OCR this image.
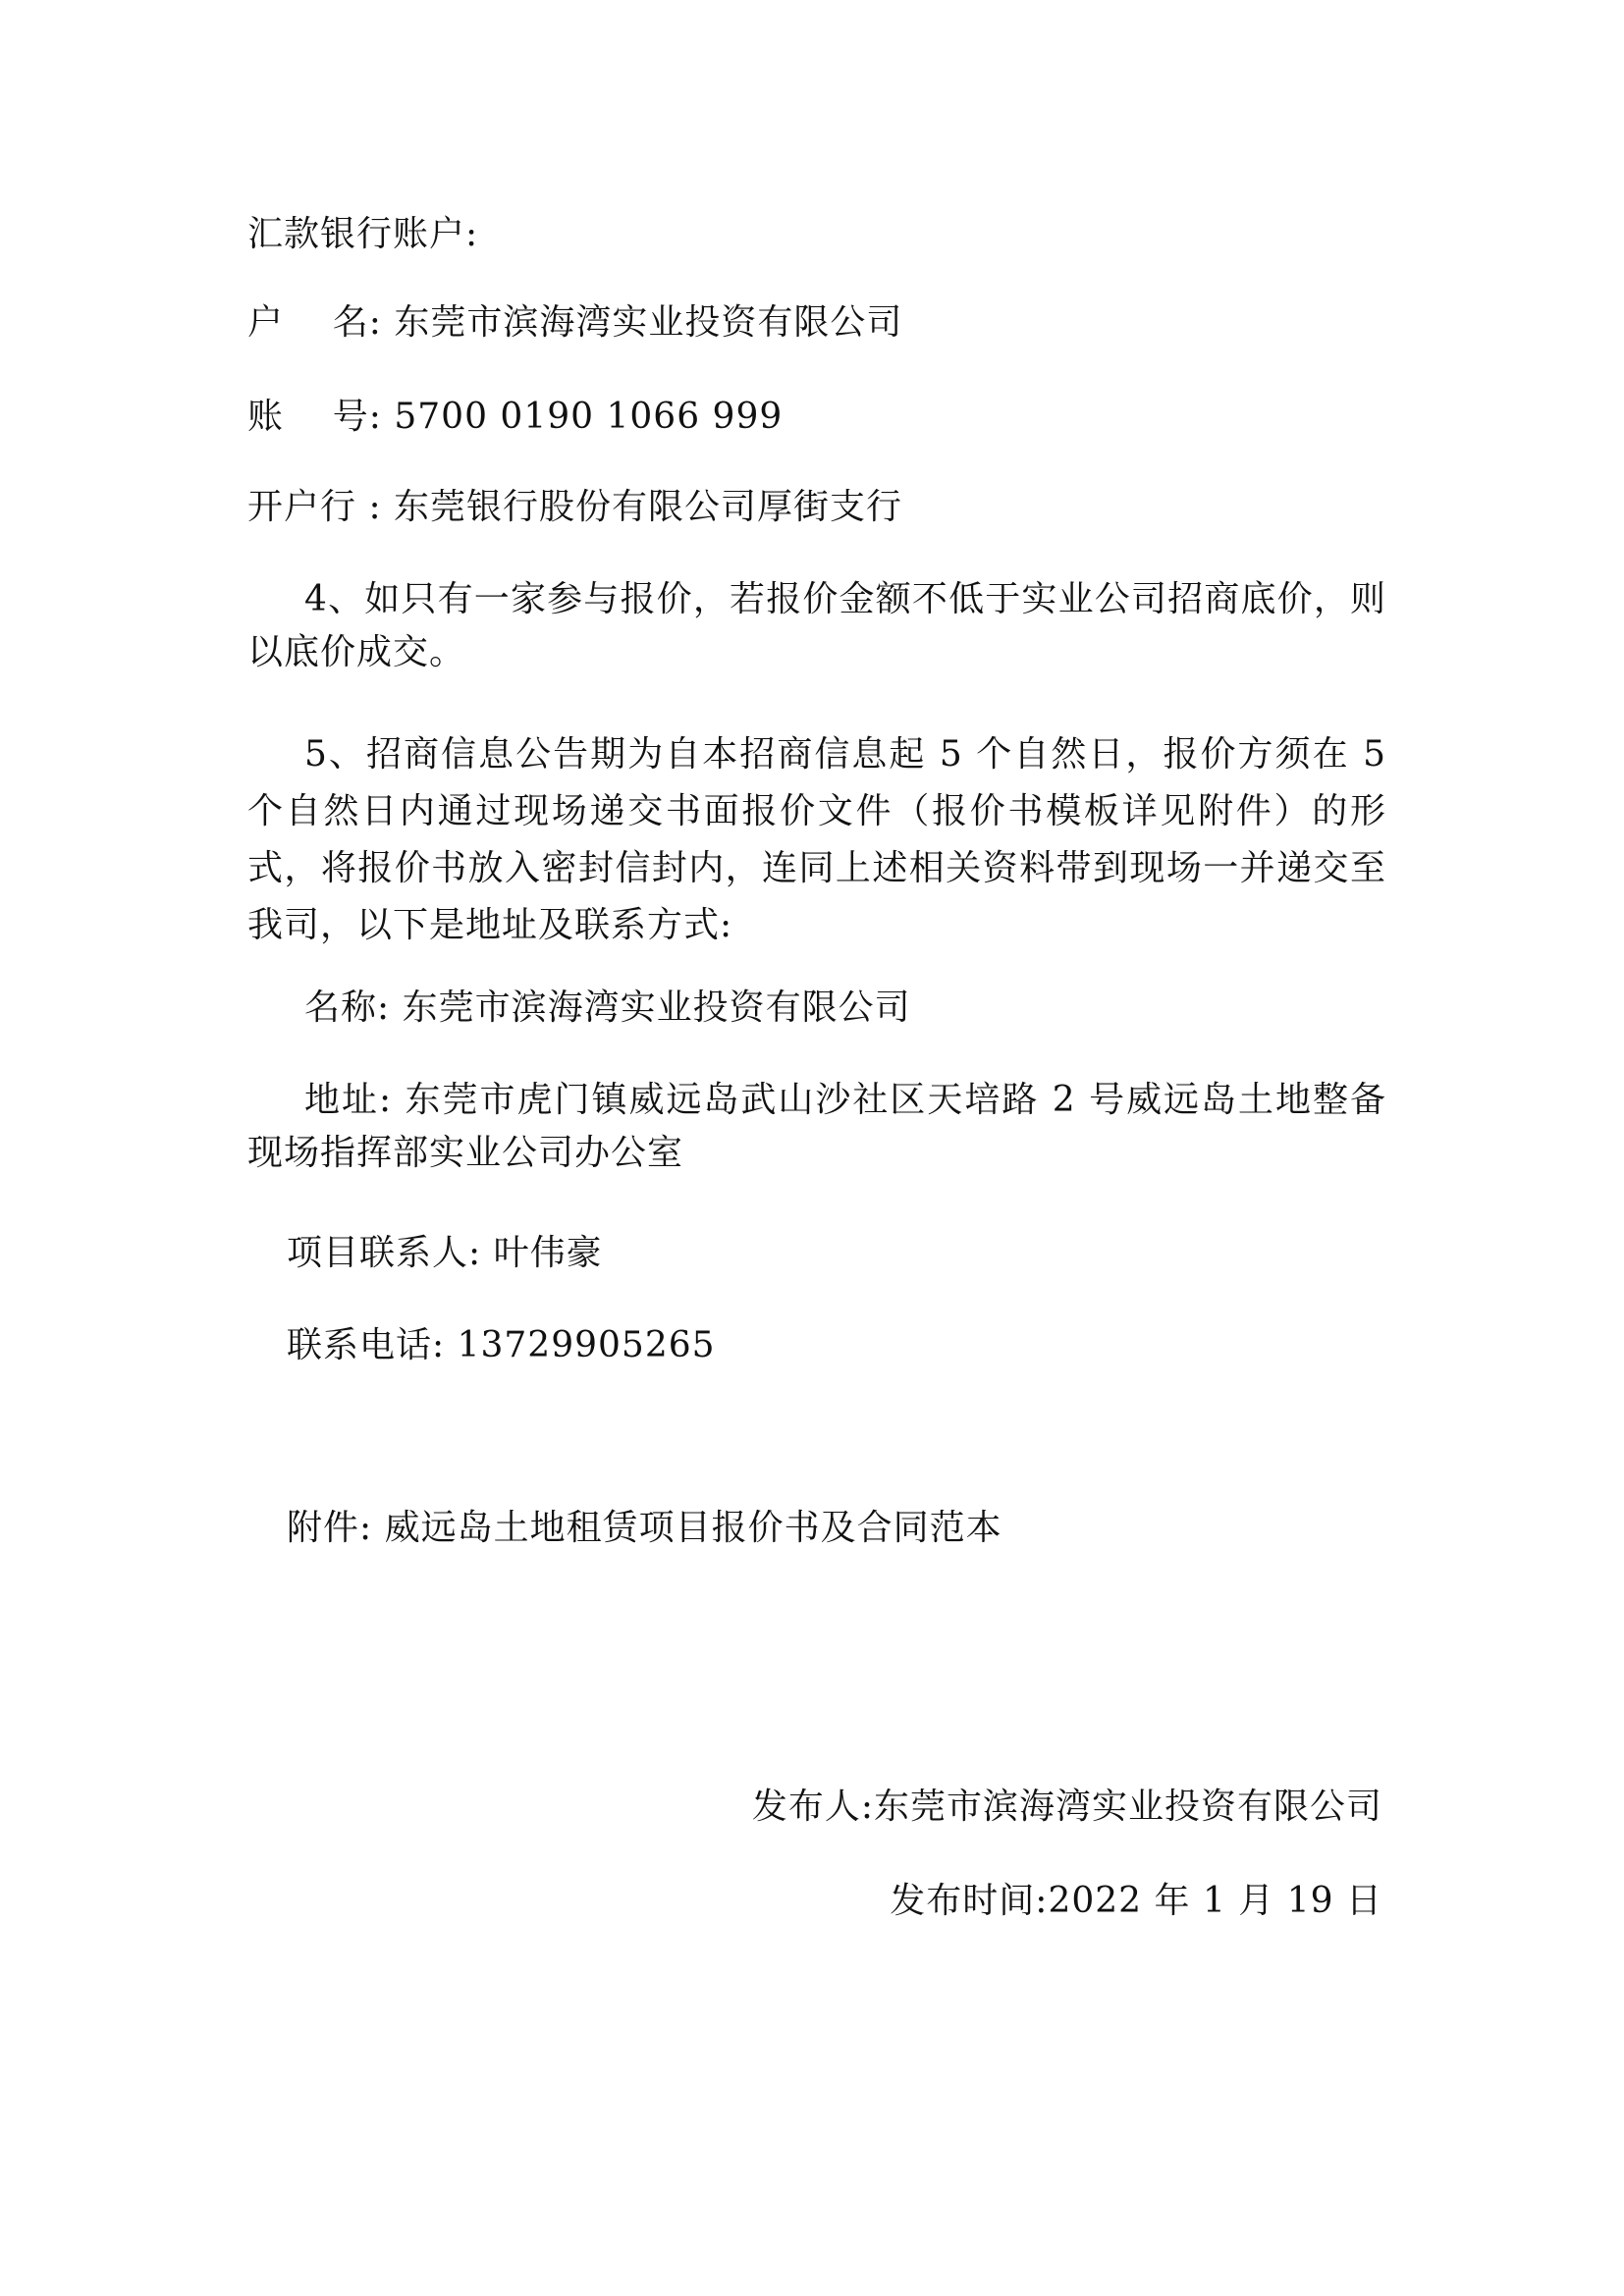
汇款银行账户:

户    名: 东莞市滨海湾实业投资有限公司

账    号: 5700 0190 1066 999

开户行 : 东莞银行股份有限公司厚街支行

4、如只有一家参与报价，若报价金额不低于实业公司招商底价，则以底价成交。

5、招商信息公告期为自本招商信息起 5 个自然日，报价方须在 5 个自然日内通过现场递交书面报价文件（报价书模板详见附件）的形式，将报价书放入密封信封内，连同上述相关资料带到现场一并递交至我司，以下是地址及联系方式:

名称: 东莞市滨海湾实业投资有限公司

地址: 东莞市虎门镇威远岛武山沙社区天培路 2 号威远岛土地整备现场指挥部实业公司办公室

项目联系人: 叶伟豪

联系电话: 13729905265

附件: 威远岛土地租赁项目报价书及合同范本

发布人:东莞市滨海湾实业投资有限公司

发布时间:2022 年 1 月 19 日
